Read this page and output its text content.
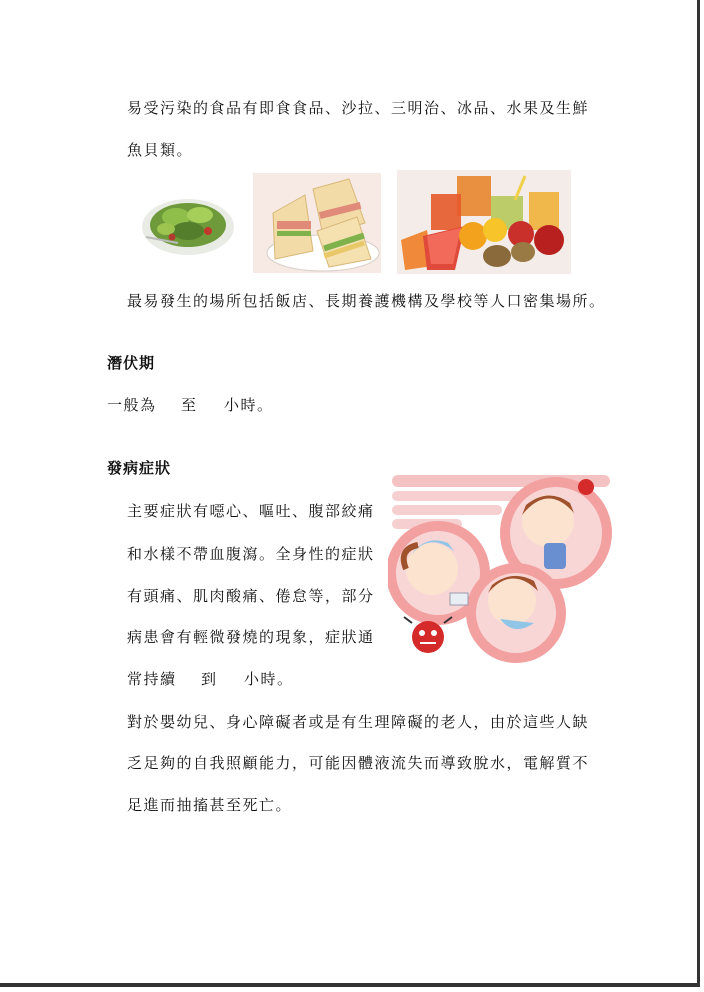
易受污染的食品有即食食品、沙拉、三明治、冰品、水果及生鮮
魚貝類。
最易發生的場所包括飯店、長期養護機構及學校等人口密集場所。
潛伏期
一般為 至 小時。
發病症狀
主要症狀有噁心、嘔吐、腹部絞痛
和水樣不帶血腹瀉。全身性的症狀
有頭痛、肌肉酸痛、倦怠等，部分
病患會有輕微發燒的現象，症狀通
常持續 到 小時。
對於嬰幼兒、身心障礙者或是有生理障礙的老人，由於這些人缺
乏足夠的自我照顧能力，可能因體液流失而導致脫水，電解質不
足進而抽搐甚至死亡。
